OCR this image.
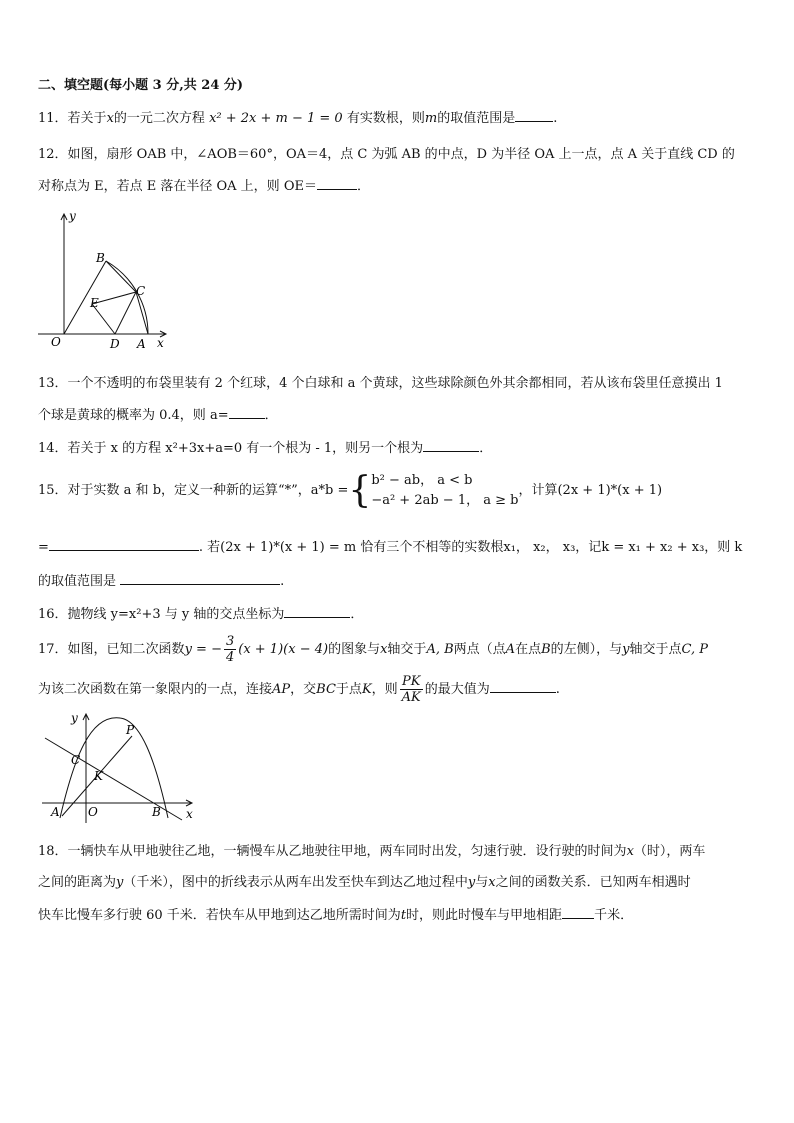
二、填空题(每小题 3 分,共 24 分)
11．若关于x的一元二次方程 x² + 2x + m − 1 = 0 有实数根，则m的取值范围是	.
12．如图，扇形 OAB 中，∠AOB＝60°，OA＝4，点 C 为弧 AB 的中点，D 为半径 OA 上一点，点 A 关于直线 CD 的
对称点为 E，若点 E 落在半径 OA 上，则 OE＝	．
y
x
O	A
B
C
D
E
13．一个不透明的布袋里装有 2 个红球，4 个白球和 a 个黄球，这些球除颜色外其余都相同，若从该布袋里任意摸出 1
个球是黄球的概率为 0.4，则 a=	．
14．若关于 x 的方程 x²+3x+a=0 有一个根为 - 1，则另一个根为	．
15．对于实数 a 和 b，定义一种新的运算“*”，a*b ={ b² − ab， a < b
−a² + 2ab − 1， a ≥ b
，计算(2x + 1)*(x + 1)
=	. 若(2x + 1)*(x + 1) = m 恰有三个不相等的实数根x₁， x₂， x₃，记k = x₁ + x₂ + x₃，则 k
的取值范围是	.
16．抛物线 y=x²+3 与 y 轴的交点坐标为	．
17．如图，已知二次函数y = − $\frac{3}{4} (x + 1)(x - 4)$的图象与x轴交于A, B两点（点A在点B的左侧），与y轴交于点C, P
为该二次函数在第一象限内的一点，连接AP，交BC于点K，则 $\frac{PK}{AK}$ 的最大值为	.
y
x
O
A	B
C
K
P
18．一辆快车从甲地驶往乙地，一辆慢车从乙地驶往甲地，两车同时出发，匀速行驶．设行驶的时间为x（时），两车
之间的距离为y（千米），图中的折线表示从两车出发至快车到达乙地过程中y与x之间的函数关系．已知两车相遇时
快车比慢车多行驶 60 千米．若快车从甲地到达乙地所需时间为t时，则此时慢车与甲地相距 千米．
